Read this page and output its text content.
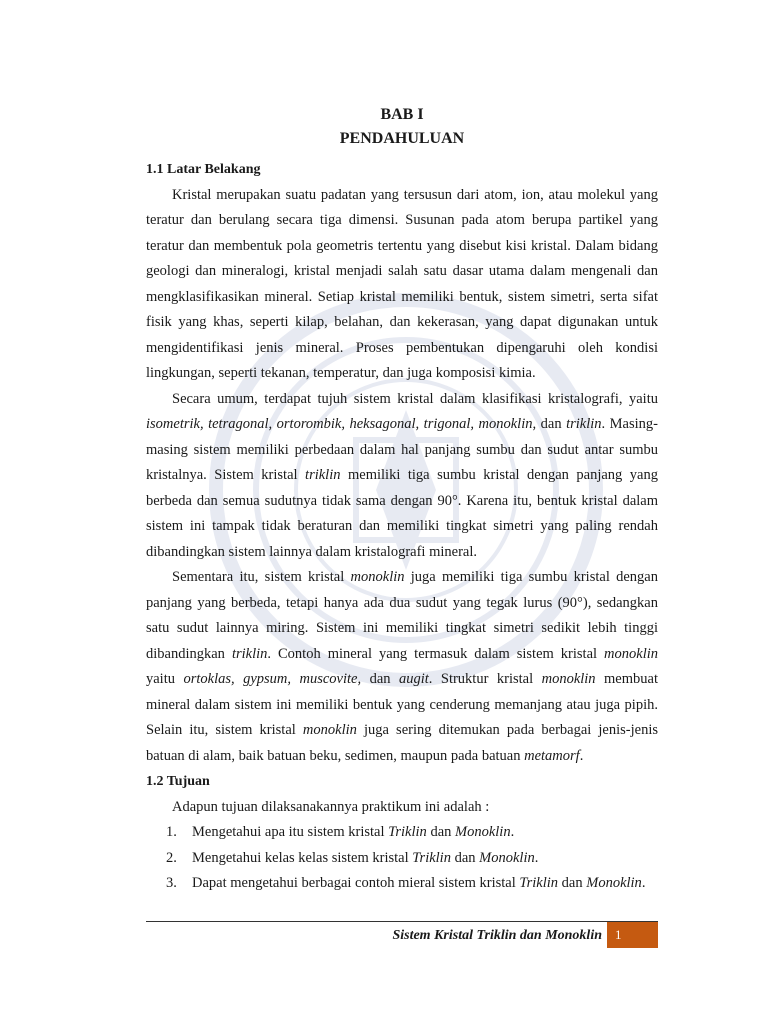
BAB I
PENDAHULUAN
1.1 Latar Belakang

Kristal merupakan suatu padatan yang tersusun dari atom, ion, atau molekul yang teratur dan berulang secara tiga dimensi. Susunan pada atom berupa partikel yang teratur dan membentuk pola geometris tertentu yang disebut kisi kristal. Dalam bidang geologi dan mineralogi, kristal menjadi salah satu dasar utama dalam mengenali dan mengklasifikasikan mineral. Setiap kristal memiliki bentuk, sistem simetri, serta sifat fisik yang khas, seperti kilap, belahan, dan kekerasan, yang dapat digunakan untuk mengidentifikasi jenis mineral. Proses pembentukan dipengaruhi oleh kondisi lingkungan, seperti tekanan, temperatur, dan juga komposisi kimia.

Secara umum, terdapat tujuh sistem kristal dalam klasifikasi kristalografi, yaitu isometrik, tetragonal, ortorombik, heksagonal, trigonal, monoklin, dan triklin. Masing-masing sistem memiliki perbedaan dalam hal panjang sumbu dan sudut antar sumbu kristalnya. Sistem kristal triklin memiliki tiga sumbu kristal dengan panjang yang berbeda dan semua sudutnya tidak sama dengan 90°. Karena itu, bentuk kristal dalam sistem ini tampak tidak beraturan dan memiliki tingkat simetri yang paling rendah dibandingkan sistem lainnya dalam kristalografi mineral.

Sementara itu, sistem kristal monoklin juga memiliki tiga sumbu kristal dengan panjang yang berbeda, tetapi hanya ada dua sudut yang tegak lurus (90°), sedangkan satu sudut lainnya miring. Sistem ini memiliki tingkat simetri sedikit lebih tinggi dibandingkan triklin. Contoh mineral yang termasuk dalam sistem kristal monoklin yaitu ortoklas, gypsum, muscovite, dan augit. Struktur kristal monoklin membuat mineral dalam sistem ini memiliki bentuk yang cenderung memanjang atau juga pipih. Selain itu, sistem kristal monoklin juga sering ditemukan pada berbagai jenis-jenis batuan di alam, baik batuan beku, sedimen, maupun pada batuan metamorf.

1.2 Tujuan

Adapun tujuan dilaksanakannya praktikum ini adalah :

1. Mengetahui apa itu sistem kristal Triklin dan Monoklin.
2. Mengetahui kelas kelas sistem kristal Triklin dan Monoklin.
3. Dapat mengetahui berbagai contoh mieral sistem kristal Triklin dan Monoklin.
Sistem Kristal Triklin dan Monoklin	1
